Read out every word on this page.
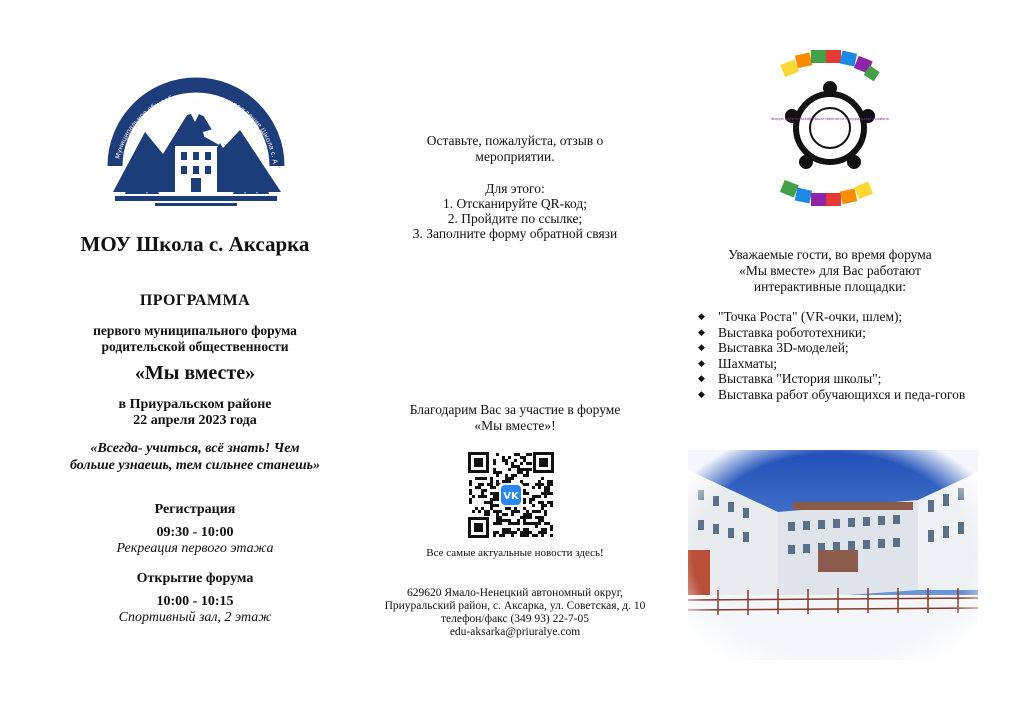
Муниципальное общеобразовательное учреждение Школа с. А
МОУ Школа с. Аксарка
ПРОГРАММА
первого муниципального форума
родительской общественности
«Мы вместе»
в Приуральском районе
22 апреля 2023 года
«Всегда- учиться, всё знать! Чем
больше узнаешь, тем сильнее станешь»
Регистрация
09:30 - 10:00
Рекреация первого этажа
Открытие форума
10:00 - 10:15
Спортивный зал, 2 этаж
Оставьте, пожалуйста, отзыв о
мероприятии.
Для этого:
1. Отсканируйте QR-код;
2. Пройдите по ссылке;
3. Заполните форму обратной связи
Благодарим Вас за участие в форуме
«Мы вместе»!
VK
Все самые актуальные новости здесь!
629620 Ямало-Ненецкий автономный округ,
Приуральский район, с. Аксарка, ул. Советская, д. 10
телефон/факс (349 93) 22-7-05
edu-aksarka@priuralye.com
Форум родительской общественности Приуральского района
Уважаемые гости, во время форума
«Мы вместе» для Вас работают
интерактивные площадки:
◆ "Точка Роста" (VR-очки, шлем);
◆ Выставка робототехники;
◆ Выставка 3D-моделей;
◆ Шахматы;
◆ Выставка "История школы";
◆ Выставка работ обучающихся и педа-гогов
